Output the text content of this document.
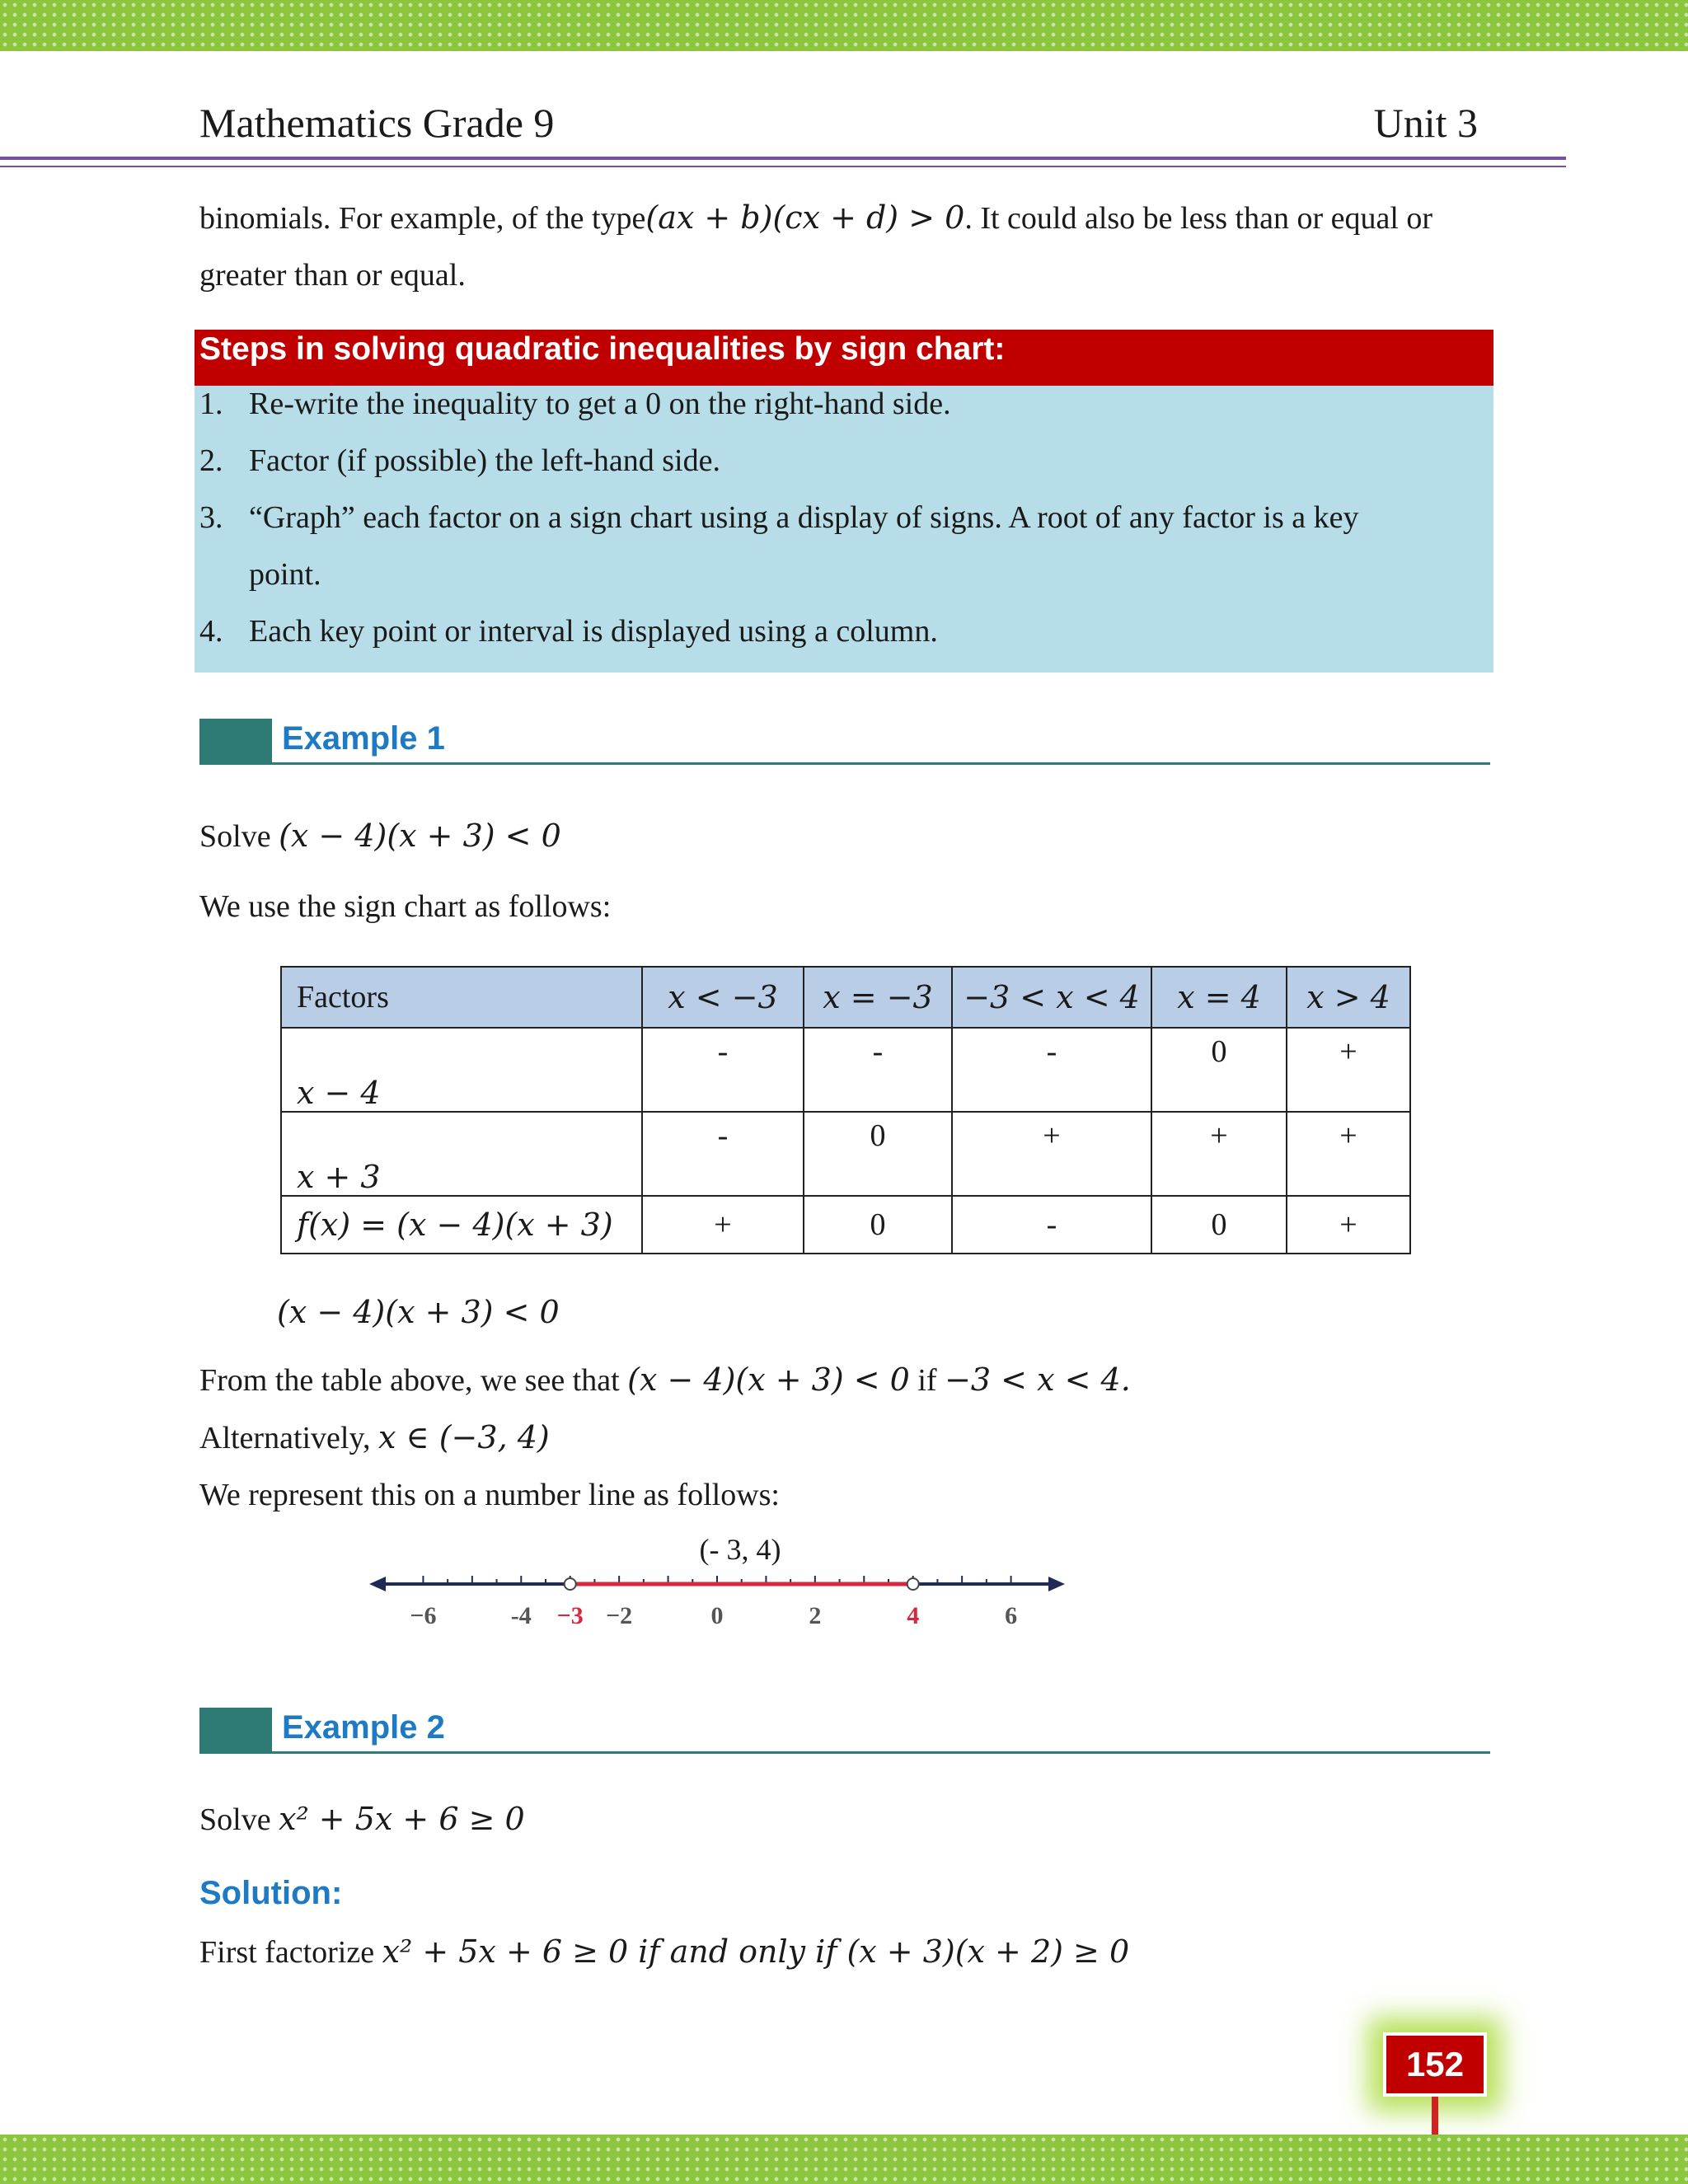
Mathematics Grade 9	Unit 3
binomials. For example, of the type(ax + b)(cx + d) > 0. It could also be less than or equal or
greater than or equal.
Steps in solving quadratic inequalities by sign chart:
1. Re-write the inequality to get a 0 on the right-hand side.
2. Factor (if possible) the left-hand side.
3. “Graph” each factor on a sign chart using a display of signs. A root of any factor is a key
point.
4. Each key point or interval is displayed using a column.
Example 1
Solve (x − 4)(x + 3) < 0
We use the sign chart as follows:
Factors	x < −3	x = −3	−3 < x < 4	x = 4	x > 4
x − 4	-	-	-	0	+
x + 3	-	0	+	+	+
f(x) = (x − 4)(x + 3)	+	0	-	0	+
(x − 4)(x + 3) < 0
From the table above, we see that (x − 4)(x + 3) < 0 if −3 < x < 4.
Alternatively, x ∈ (−3, 4)
We represent this on a number line as follows:
(- 3, 4)
−6	-4 −3 −2	0	2	4	6
Example 2
Solve x² + 5x + 6 ≥ 0
Solution:
First factorize x² + 5x + 6 ≥ 0 if and only if (x + 3)(x + 2) ≥ 0
152
